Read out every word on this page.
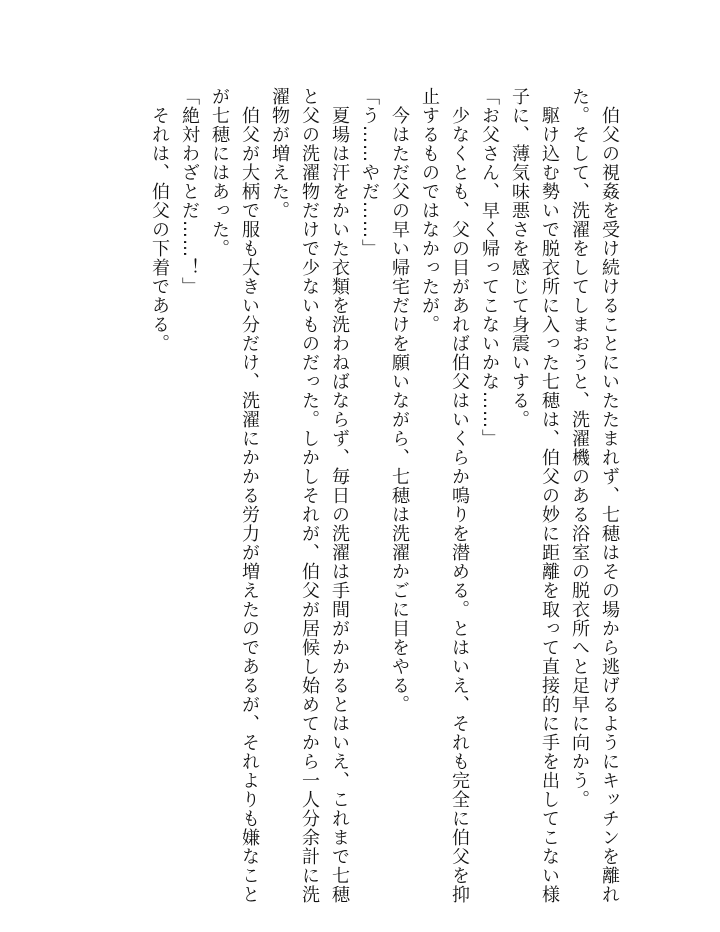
伯父の視姦を受け続けることにいたたまれず、七穂はその場から逃げるようにキッチンを離れ

た。そして、洗濯をしてしまおうと、洗濯機のある浴室の脱衣所へと足早に向かう。

駆け込む勢いで脱衣所に入った七穂は、伯父の妙に距離を取って直接的に手を出してこない様

子に、薄気味悪さを感じて身震いする。

「お父さん、早く帰ってこないかな……」

少なくとも、父の目があれば伯父はいくらか鳴りを潜める。とはいえ、それも完全に伯父を抑

止するものではなかったが。

今はただ父の早い帰宅だけを願いながら、七穂は洗濯かごに目をやる。

「う……やだ……」

夏場は汗をかいた衣類を洗わねばならず、毎日の洗濯は手間がかかるとはいえ、これまで七穂

と父の洗濯物だけで少ないものだった。しかしそれが、伯父が居候し始めてから一人分余計に洗

濯物が増えた。

伯父が大柄で服も大きい分だけ、洗濯にかかる労力が増えたのであるが、それよりも嫌なこと

が七穂にはあった。

「絶対わざとだ……！」

それは、伯父の下着である。
